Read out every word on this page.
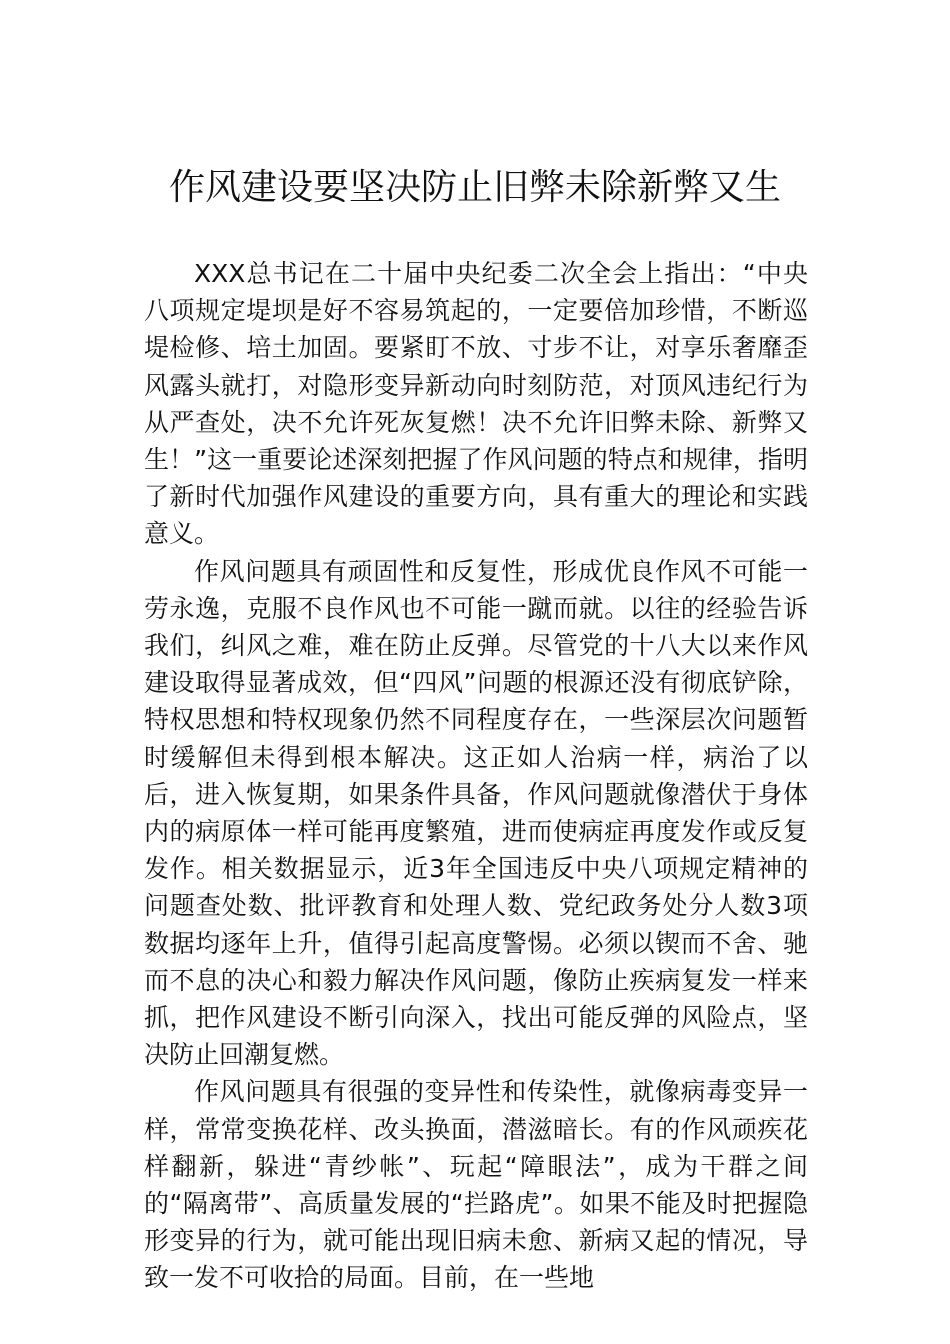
作风建设要坚决防止旧弊未除新弊又生

XXX总书记在二十届中央纪委二次全会上指出：“中央八项规定堤坝是好不容易筑起的，一定要倍加珍惜，不断巡堤检修、培土加固。要紧盯不放、寸步不让，对享乐奢靡歪风露头就打，对隐形变异新动向时刻防范，对顶风违纪行为从严查处，决不允许死灰复燃！决不允许旧弊未除、新弊又生！”这一重要论述深刻把握了作风问题的特点和规律，指明了新时代加强作风建设的重要方向，具有重大的理论和实践意义。

作风问题具有顽固性和反复性，形成优良作风不可能一劳永逸，克服不良作风也不可能一蹴而就。以往的经验告诉我们，纠风之难，难在防止反弹。尽管党的十八大以来作风建设取得显著成效，但“四风”问题的根源还没有彻底铲除，特权思想和特权现象仍然不同程度存在，一些深层次问题暂时缓解但未得到根本解决。这正如人治病一样，病治了以后，进入恢复期，如果条件具备，作风问题就像潜伏于身体内的病原体一样可能再度繁殖，进而使病症再度发作或反复发作。相关数据显示，近3年全国违反中央八项规定精神的问题查处数、批评教育和处理人数、党纪政务处分人数3项数据均逐年上升，值得引起高度警惕。必须以锲而不舍、驰而不息的决心和毅力解决作风问题，像防止疾病复发一样来抓，把作风建设不断引向深入，找出可能反弹的风险点，坚决防止回潮复燃。

作风问题具有很强的变异性和传染性，就像病毒变异一样，常常变换花样、改头换面，潜滋暗长。有的作风顽疾花样翻新，躲进“青纱帐”、玩起“障眼法”，成为干群之间的“隔离带”、高质量发展的“拦路虎”。如果不能及时把握隐形变异的行为，就可能出现旧病未愈、新病又起的情况，导致一发不可收拾的局面。目前，在一些地
